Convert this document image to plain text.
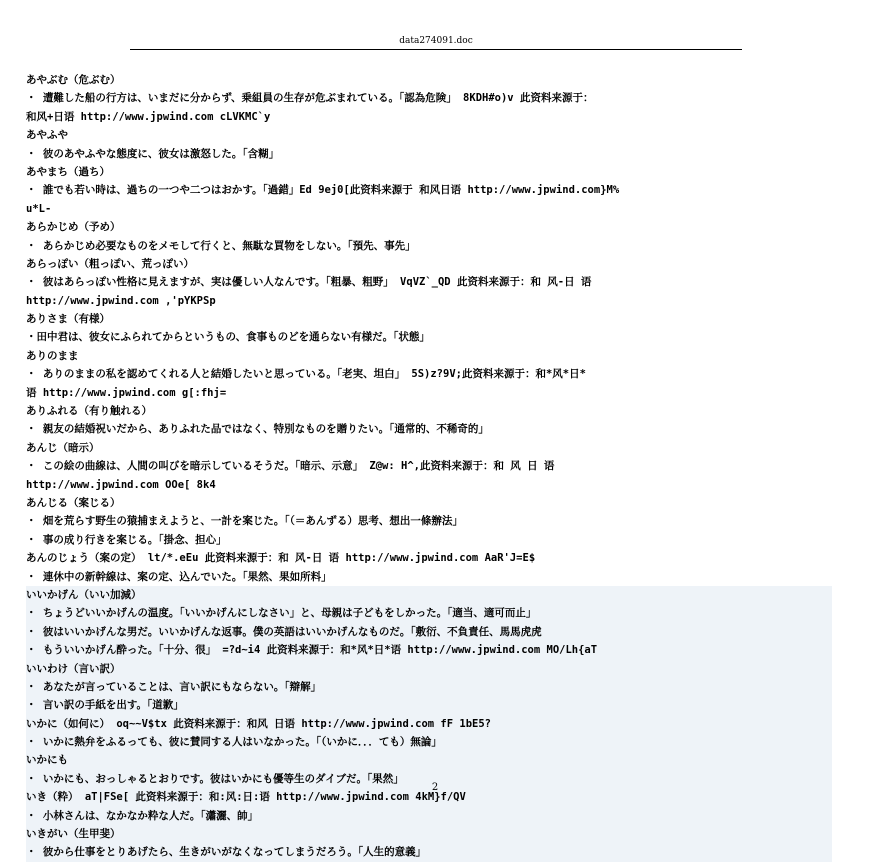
data274091.doc
あやぶむ（危ぶむ）
・ 遭難した船の行方は、いまだに分からず、乗組員の生存が危ぶまれている。「認為危険」 8KDH#o)v 此资料来源于：
和风+日语 http://www.jpwind.com cLVKMC`y
あやふや
・ 彼のあやふやな態度に、彼女は激怒した。「含糊」
あやまち（過ち）
・ 誰でも若い時は、過ちの一つや二つはおかす。「過錯」Ed 9ej0[此资料来源于 和风日语 http://www.jpwind.com}M%
u*L-
あらかじめ（予め）
・ あらかじめ必要なものをメモして行くと、無駄な買物をしない。「預先、事先」
あらっぽい（粗っぽい、荒っぽい）
・ 彼はあらっぽい性格に見えますが、実は優しい人なんです。「粗暴、粗野」 VqVZ`_QD 此资料来源于：和 风-日 语
http://www.jpwind.com ,'pYKPSp
ありさま（有様）
・田中君は、彼女にふられてからというもの、食事ものどを通らない有様だ。「状態」
ありのまま
・ ありのままの私を認めてくれる人と結婚したいと思っている。「老実、坦白」 5S)z?9V;此资料来源于：和*风*日*
语 http://www.jpwind.com g[:fhj=
ありふれる（有り触れる）
・ 親友の結婚祝いだから、ありふれた品ではなく、特別なものを贈りたい。「通常的、不稀奇的」
あんじ（暗示）
・ この絵の曲線は、人間の叫びを暗示しているそうだ。「暗示、示意」 Z@w: H^,此资料来源于：和 风 日 语
http://www.jpwind.com OOe[ 8k4
あんじる（案じる）
・ 畑を荒らす野生の猿捕まえようと、一計を案じた。「（＝あんずる）思考、想出一條辦法」
・ 事の成り行きを案じる。「掛念、担心」
あんのじょう（案の定） lt/*.eEu 此资料来源于：和 风-日 语 http://www.jpwind.com AaR'J=E$
・ 連休中の新幹線は、案の定、込んでいた。「果然、果如所料」
いいかげん（いい加減）
・ ちょうどいいかげんの温度。「いいかげんにしなさい」と、母親は子どもをしかった。「適当、適可而止」
・ 彼はいいかげんな男だ。いいかげんな返事。僕の英語はいいかげんなものだ。「敷衍、不負責任、馬馬虎虎
・ もういいかげん酔った。「十分、很」 =?d~i4 此资料来源于：和*风*日*语 http://www.jpwind.com MO/Lh{aT
いいわけ（言い訳）
・ あなたが言っていることは、言い訳にもならない。「辯解」
・ 言い訳の手紙を出す。「道歉」
いかに（如何に） oq~~V$tx 此资料来源于：和风 日语 http://www.jpwind.com fF 1bE5?
・ いかに熱弁をふるっても、彼に賛同する人はいなかった。「（いかに．．．ても）無論」
いかにも
・ いかにも、おっしゃるとおりです。彼はいかにも優等生のダイブだ。「果然」
いき（粋） aT|FSe[ 此资料来源于：和:风:日:语 http://www.jpwind.com 4kM}f/QV
・ 小林さんは、なかなか粋な人だ。「瀟灑、帥」
いきがい（生甲斐）
・ 彼から仕事をとりあげたら、生きがいがなくなってしまうだろう。「人生的意義」
2
